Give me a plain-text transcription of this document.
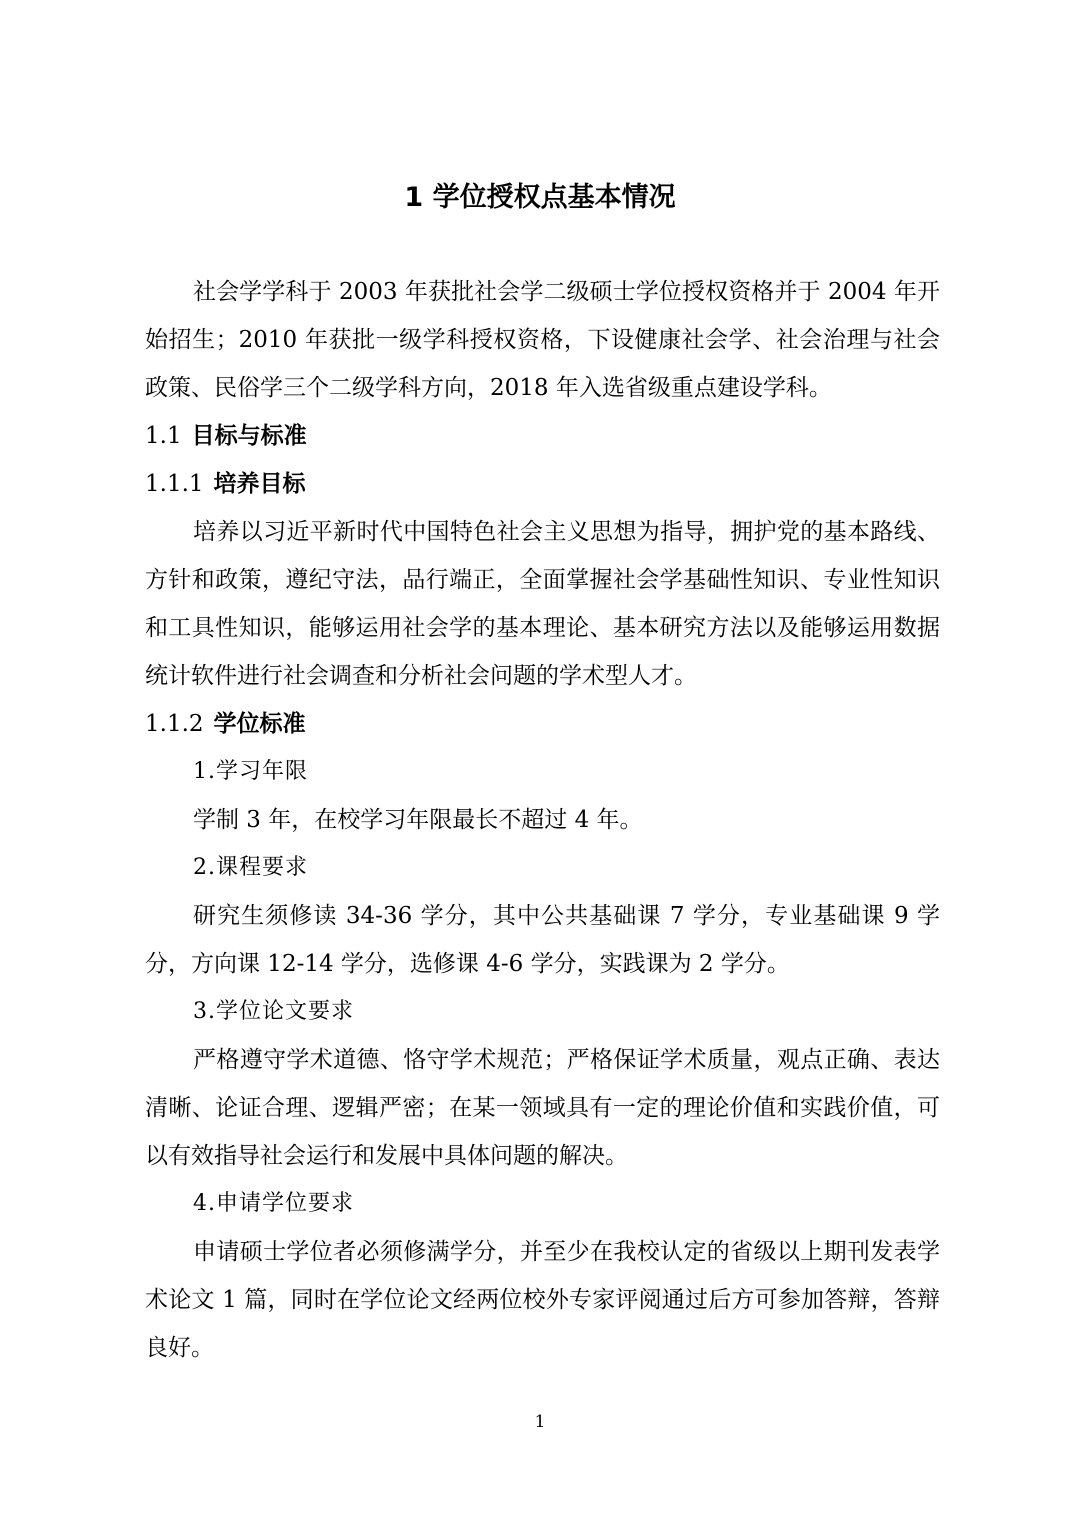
1 学位授权点基本情况

社会学学科于 2003 年获批社会学二级硕士学位授权资格并于 2004 年开始招生；2010 年获批一级学科授权资格，下设健康社会学、社会治理与社会政策、民俗学三个二级学科方向，2018 年入选省级重点建设学科。

1.1 目标与标准

1.1.1 培养目标

培养以习近平新时代中国特色社会主义思想为指导，拥护党的基本路线、方针和政策，遵纪守法，品行端正，全面掌握社会学基础性知识、专业性知识和工具性知识，能够运用社会学的基本理论、基本研究方法以及能够运用数据统计软件进行社会调查和分析社会问题的学术型人才。

1.1.2 学位标准

1.学习年限

学制 3 年，在校学习年限最长不超过 4 年。

2.课程要求

研究生须修读 34-36 学分，其中公共基础课 7 学分，专业基础课 9 学分，方向课 12-14 学分，选修课 4-6 学分，实践课为 2 学分。

3.学位论文要求

严格遵守学术道德、恪守学术规范；严格保证学术质量，观点正确、表达清晰、论证合理、逻辑严密；在某一领域具有一定的理论价值和实践价值，可以有效指导社会运行和发展中具体问题的解决。

4.申请学位要求

申请硕士学位者必须修满学分，并至少在我校认定的省级以上期刊发表学术论文 1 篇，同时在学位论文经两位校外专家评阅通过后方可参加答辩，答辩良好。

1
